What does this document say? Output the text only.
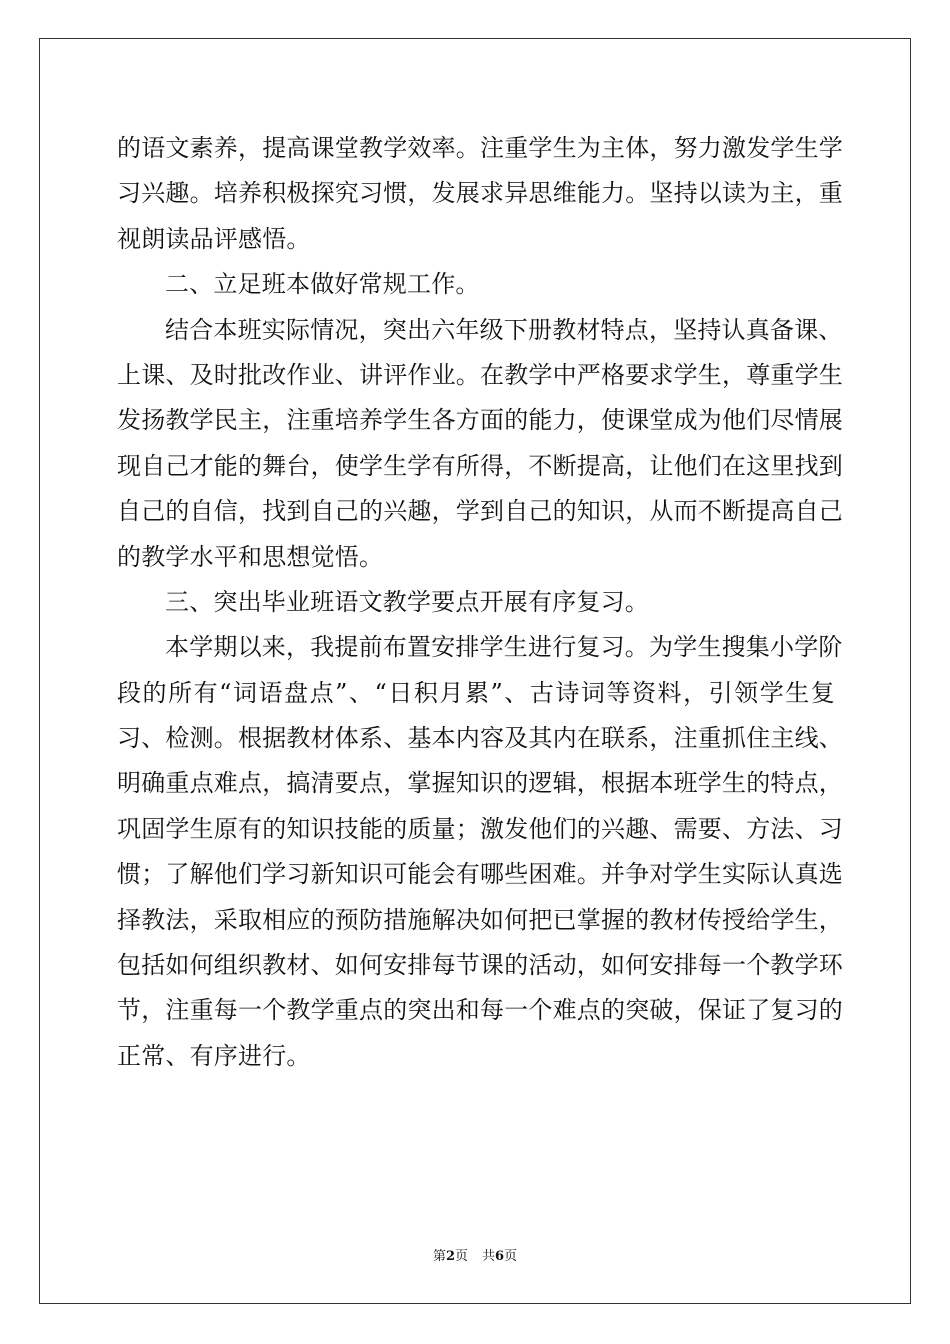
的语文素养，提高课堂教学效率。注重学生为主体，努力激发学生学
习兴趣。培养积极探究习惯，发展求异思维能力。坚持以读为主，重
视朗读品评感悟。
二、立足班本做好常规工作。
结合本班实际情况，突出六年级下册教材特点，坚持认真备课、
上课、及时批改作业、讲评作业。在教学中严格要求学生，尊重学生
发扬教学民主，注重培养学生各方面的能力，使课堂成为他们尽情展
现自己才能的舞台，使学生学有所得，不断提高，让他们在这里找到
自己的自信，找到自己的兴趣，学到自己的知识，从而不断提高自己
的教学水平和思想觉悟。
三、突出毕业班语文教学要点开展有序复习。
本学期以来，我提前布置安排学生进行复习。为学生搜集小学阶
段的所有“词语盘点”、“日积月累”、古诗词等资料，引领学生复
习、检测。根据教材体系、基本内容及其内在联系，注重抓住主线、
明确重点难点，搞清要点，掌握知识的逻辑，根据本班学生的特点，
巩固学生原有的知识技能的质量；激发他们的兴趣、需要、方法、习
惯；了解他们学习新知识可能会有哪些困难。并争对学生实际认真选
择教法，采取相应的预防措施解决如何把已掌握的教材传授给学生，
包括如何组织教材、如何安排每节课的活动，如何安排每一个教学环
节，注重每一个教学重点的突出和每一个难点的突破，保证了复习的
正常、有序进行。
第2页 共6页
